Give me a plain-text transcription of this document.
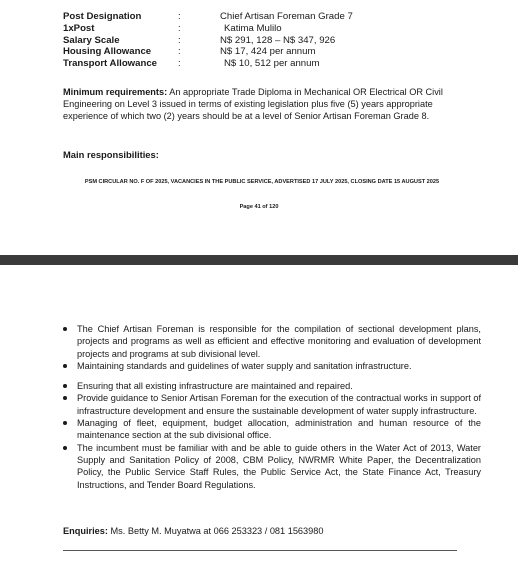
Post Designation	:	Chief Artisan Foreman Grade 7
1xPost	:	Katima Mulilo
Salary Scale	:	N$ 291, 128 – N$ 347, 926
Housing Allowance	:	N$ 17, 424 per annum
Transport Allowance :	N$ 10, 512 per annum
Minimum requirements: An appropriate Trade Diploma in Mechanical OR Electrical OR Civil Engineering on Level 3 issued in terms of existing legislation plus five (5) years appropriate experience of which two (2) years should be at a level of Senior Artisan Foreman Grade 8.
Main responsibilities:
PSM CIRCULAR NO. F OF 2025, VACANCIES IN THE PUBLIC SERVICE, ADVERTISED 17 JULY 2025, CLOSING DATE 15 AUGUST 2025
Page 41 of 120
The Chief Artisan Foreman is responsible for the compilation of sectional development plans, projects and programs as well as efficient and effective monitoring and evaluation of development projects and programs at sub divisional level.
Maintaining standards and guidelines of water supply and sanitation infrastructure.
Ensuring that all existing infrastructure are maintained and repaired.
Provide guidance to Senior Artisan Foreman for the execution of the contractual works in support of infrastructure development and ensure the sustainable development of water supply infrastructure.
Managing of fleet, equipment, budget allocation, administration and human resource of the maintenance section at the sub divisional office.
The incumbent must be familiar with and be able to guide others in the Water Act of 2013, Water Supply and Sanitation Policy of 2008, CBM Policy, NWRMR White Paper, the Decentralization Policy, the Public Service Staff Rules, the Public Service Act, the State Finance Act, Treasury Instructions, and Tender Board Regulations.
Enquiries: Ms. Betty M. Muyatwa at 066 253323 / 081 1563980
